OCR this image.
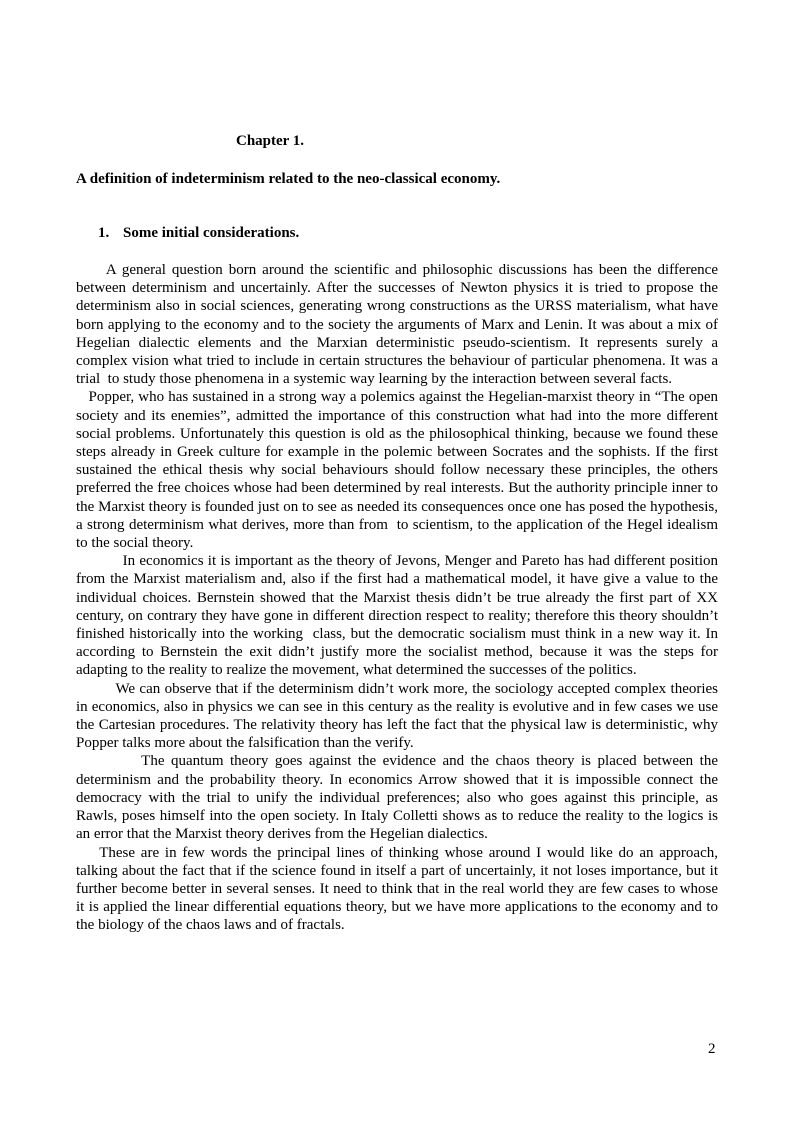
Chapter 1.
A definition of indeterminism related to the neo-classical economy.
1. Some initial considerations.

A general question born around the scientific and philosophic discussions has been the difference between determinism and uncertainly. After the successes of Newton physics it is tried to propose the determinism also in social sciences, generating wrong constructions as the URSS materialism, what have born applying to the economy and to the society the arguments of Marx and Lenin. It was about a mix of Hegelian dialectic elements and the Marxian deterministic pseudo-scientism. It represents surely a complex vision what tried to include in certain structures the behaviour of particular phenomena. It was a trial  to study those phenomena in a systemic way learning by the interaction between several facts.

Popper, who has sustained in a strong way a polemics against the Hegelian-marxist theory in “The open society and its enemies”, admitted the importance of this construction what had into the more different social problems. Unfortunately this question is old as the philosophical thinking, because we found these steps already in Greek culture for example in the polemic between Socrates and the sophists. If the first sustained the ethical thesis why social behaviours should follow necessary these principles, the others preferred the free choices whose had been determined by real interests. But the authority principle inner to the Marxist theory is founded just on to see as needed its consequences once one has posed the hypothesis, a strong determinism what derives, more than from  to scientism, to the application of the Hegel idealism to the social theory.

In economics it is important as the theory of Jevons, Menger and Pareto has had different position from the Marxist materialism and, also if the first had a mathematical model, it have give a value to the individual choices. Bernstein showed that the Marxist thesis didn’t be true already the first part of XX century, on contrary they have gone in different direction respect to reality; therefore this theory shouldn’t finished historically into the working  class, but the democratic socialism must think in a new way it. In according to Bernstein the exit didn’t justify more the socialist method, because it was the steps for adapting to the reality to realize the movement, what determined the successes of the politics.

We can observe that if the determinism didn’t work more, the sociology accepted complex theories in economics, also in physics we can see in this century as the reality is evolutive and in few cases we use the Cartesian procedures. The relativity theory has left the fact that the physical law is deterministic, why Popper talks more about the falsification than the verify.

The quantum theory goes against the evidence and the chaos theory is placed between the determinism and the probability theory. In economics Arrow showed that it is impossible connect the democracy with the trial to unify the individual preferences; also who goes against this principle, as Rawls, poses himself into the open society. In Italy Colletti shows as to reduce the reality to the logics is an error that the Marxist theory derives from the Hegelian dialectics.

These are in few words the principal lines of thinking whose around I would like do an approach, talking about the fact that if the science found in itself a part of uncertainly, it not loses importance, but it further become better in several senses. It need to think that in the real world they are few cases to whose it is applied the linear differential equations theory, but we have more applications to the economy and to the biology of the chaos laws and of fractals.

2
